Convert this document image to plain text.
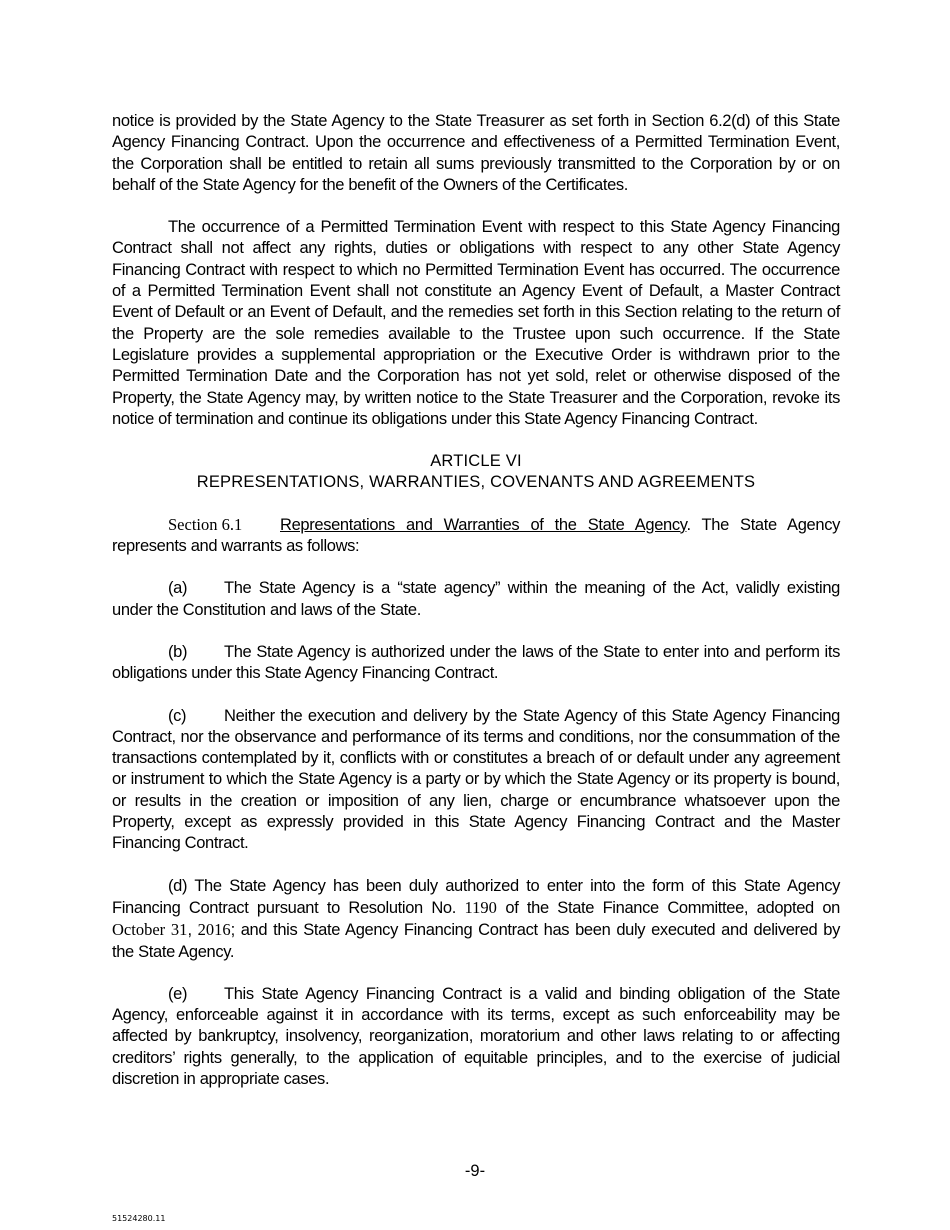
notice is provided by the State Agency to the State Treasurer as set forth in Section 6.2(d) of this State Agency Financing Contract. Upon the occurrence and effectiveness of a Permitted Termination Event, the Corporation shall be entitled to retain all sums previously transmitted to the Corporation by or on behalf of the State Agency for the benefit of the Owners of the Certificates.

The occurrence of a Permitted Termination Event with respect to this State Agency Financing Contract shall not affect any rights, duties or obligations with respect to any other State Agency Financing Contract with respect to which no Permitted Termination Event has occurred. The occurrence of a Permitted Termination Event shall not constitute an Agency Event of Default, a Master Contract Event of Default or an Event of Default, and the remedies set forth in this Section relating to the return of the Property are the sole remedies available to the Trustee upon such occurrence. If the State Legislature provides a supplemental appropriation or the Executive Order is withdrawn prior to the Permitted Termination Date and the Corporation has not yet sold, relet or otherwise disposed of the Property, the State Agency may, by written notice to the State Treasurer and the Corporation, revoke its notice of termination and continue its obligations under this State Agency Financing Contract.

ARTICLE VI

REPRESENTATIONS, WARRANTIES, COVENANTS AND AGREEMENTS

Section 6.1 Representations and Warranties of the State Agency. The State Agency represents and warrants as follows:

(a) The State Agency is a “state agency” within the meaning of the Act, validly existing under the Constitution and laws of the State.

(b) The State Agency is authorized under the laws of the State to enter into and perform its obligations under this State Agency Financing Contract.

(c) Neither the execution and delivery by the State Agency of this State Agency Financing Contract, nor the observance and performance of its terms and conditions, nor the consummation of the transactions contemplated by it, conflicts with or constitutes a breach of or default under any agreement or instrument to which the State Agency is a party or by which the State Agency or its property is bound, or results in the creation or imposition of any lien, charge or encumbrance whatsoever upon the Property, except as expressly provided in this State Agency Financing Contract and the Master Financing Contract.

(d) The State Agency has been duly authorized to enter into the form of this State Agency Financing Contract pursuant to Resolution No. 1190 of the State Finance Committee, adopted on October 31, 2016; and this State Agency Financing Contract has been duly executed and delivered by the State Agency.

(e) This State Agency Financing Contract is a valid and binding obligation of the State Agency, enforceable against it in accordance with its terms, except as such enforceability may be affected by bankruptcy, insolvency, reorganization, moratorium and other laws relating to or affecting creditors’ rights generally, to the application of equitable principles, and to the exercise of judicial discretion in appropriate cases.

-9-
51524280.11
